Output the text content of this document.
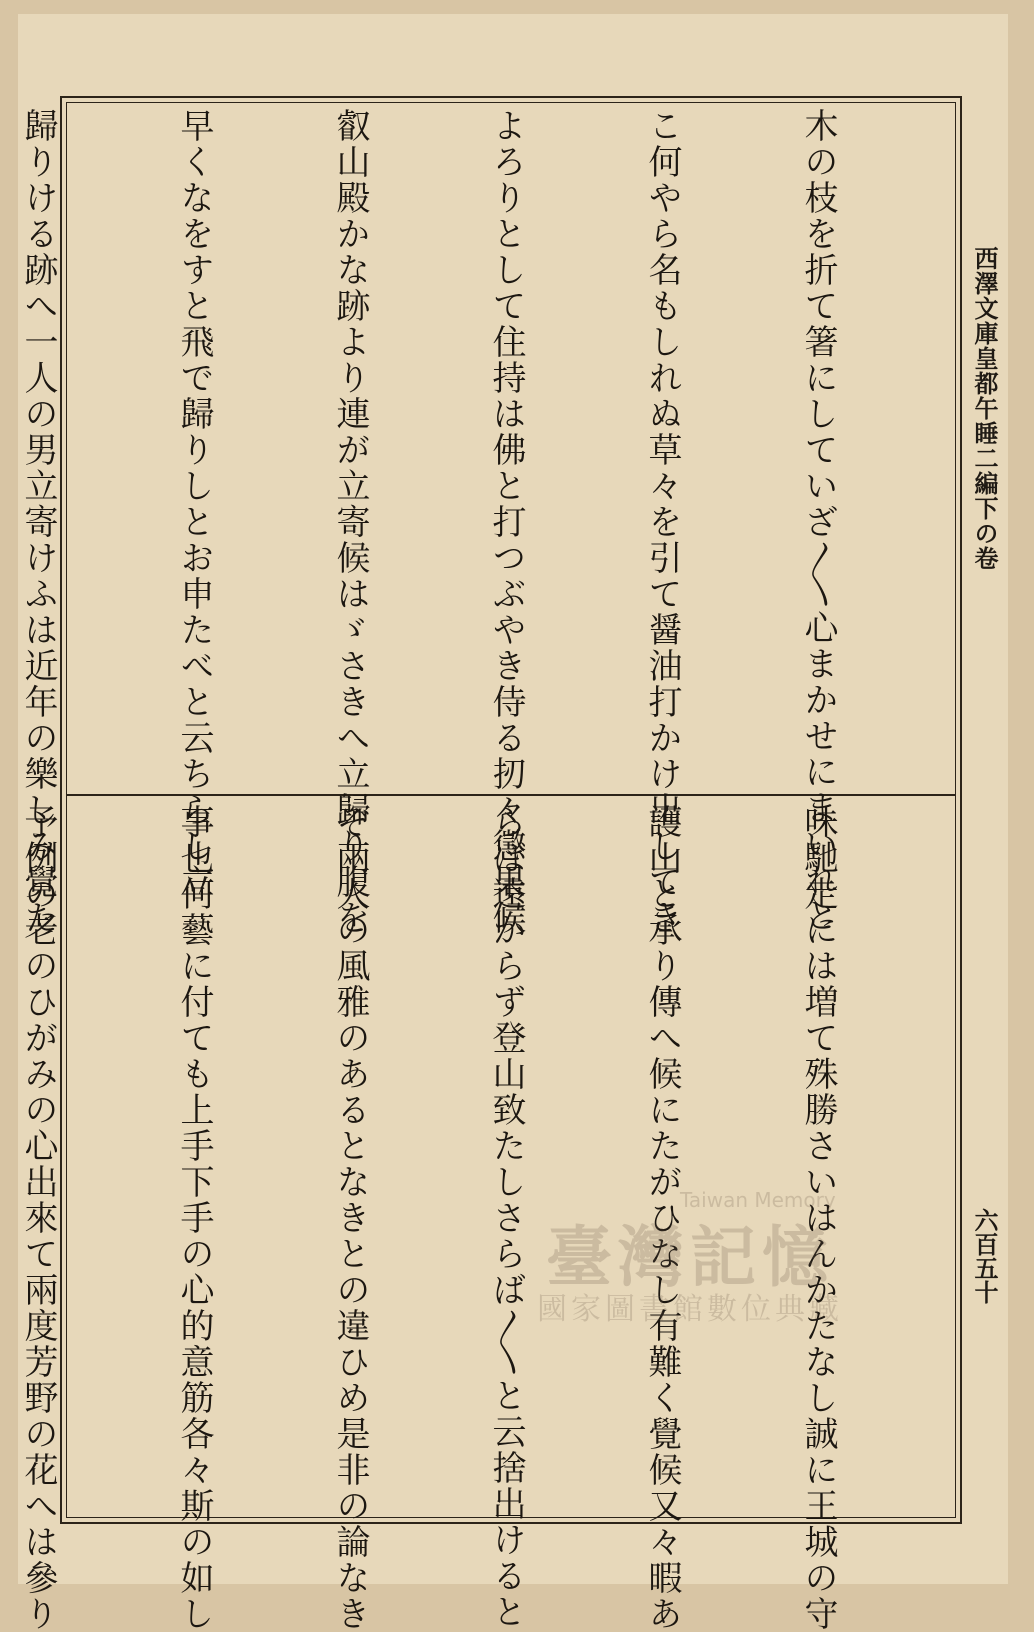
西澤文庫皇都午睡二編下の卷
六百五十

木の枝を折て箸にしていざ〳〵心まかせにまいれと

こ何やら名もしれぬ草々を引て醤油打かけ出してき

よろりとして住持は佛と打つぶやき侍る扨々懲果候

叡山殿かな跡より連が立寄候はゞさきへ立歸り腹を

早くなをすと飛で歸りしとお申たべと云ちらし立

歸りける跡へ一人の男立寄けふは近年の樂しみ覺た

味馳走には増て殊勝さいはんかたなし誠に王城の守

護山と承り傳へ候にたがひなし有難く覺候又々暇あ

らば遠からず登山致たしさらば〳〵と云捨出けると

ぞ兩人の風雅のあるとなきとの違ひめ是非の論なき

事也何藝に付ても上手下手の心的意筋各々斯の如し

予例の老のひがみの心出來て兩度芳野の花へは參り

	臺灣記憶
Taiwan Memory
國家圖書館數位典藏
